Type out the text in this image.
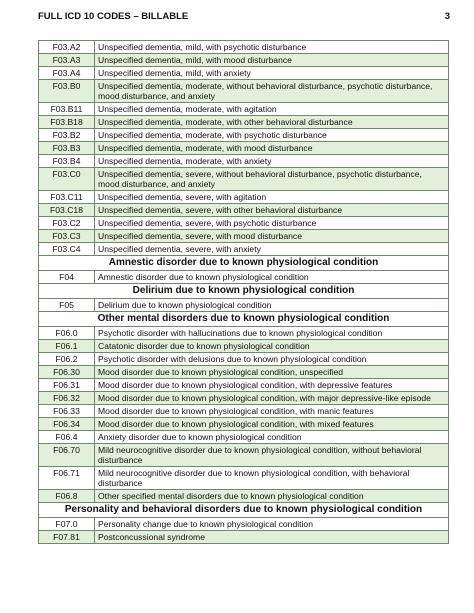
FULL ICD 10 CODES – BILLABLE	3
F03.A2	Unspecified dementia, mild, with psychotic disturbance
F03.A3	Unspecified dementia, mild, with mood disturbance
F03.A4	Unspecified dementia, mild, with anxiety
F03.B0	Unspecified dementia, moderate, without behavioral disturbance, psychotic disturbance, mood disturbance, and anxiety
F03.B11	Unspecified dementia, moderate, with agitation
F03.B18	Unspecified dementia, moderate, with other behavioral disturbance
F03.B2	Unspecified dementia, moderate, with psychotic disturbance
F03.B3	Unspecified dementia, moderate, with mood disturbance
F03.B4	Unspecified dementia, moderate, with anxiety
F03.C0	Unspecified dementia, severe, without behavioral disturbance, psychotic disturbance, mood disturbance, and anxiety
F03.C11	Unspecified dementia, severe, with agitation
F03.C18	Unspecified dementia, severe, with other behavioral disturbance
F03.C2	Unspecified dementia, severe, with psychotic disturbance
F03.C3	Unspecified dementia, severe, with mood disturbance
F03.C4	Unspecified dementia, severe, with anxiety
Amnestic disorder due to known physiological condition
F04	Amnestic disorder due to known physiological condition
Delirium due to known physiological condition
F05	Delirium due to known physiological condition
Other mental disorders due to known physiological condition
F06.0	Psychotic disorder with hallucinations due to known physiological condition
F06.1	Catatonic disorder due to known physiological condition
F06.2	Psychotic disorder with delusions due to known physiological condition
F06.30	Mood disorder due to known physiological condition, unspecified
F06.31	Mood disorder due to known physiological condition, with depressive features
F06.32	Mood disorder due to known physiological condition, with major depressive-like episode
F06.33	Mood disorder due to known physiological condition, with manic features
F06.34	Mood disorder due to known physiological condition, with mixed features
F06.4	Anxiety disorder due to known physiological condition
F06.70	Mild neurocognitive disorder due to known physiological condition, without behavioral disturbance
F06.71	Mild neurocognitive disorder due to known physiological condition, with behavioral disturbance
F06.8	Other specified mental disorders due to known physiological condition
Personality and behavioral disorders due to known physiological condition
F07.0	Personality change due to known physiological condition
F07.81	Postconcussional syndrome
